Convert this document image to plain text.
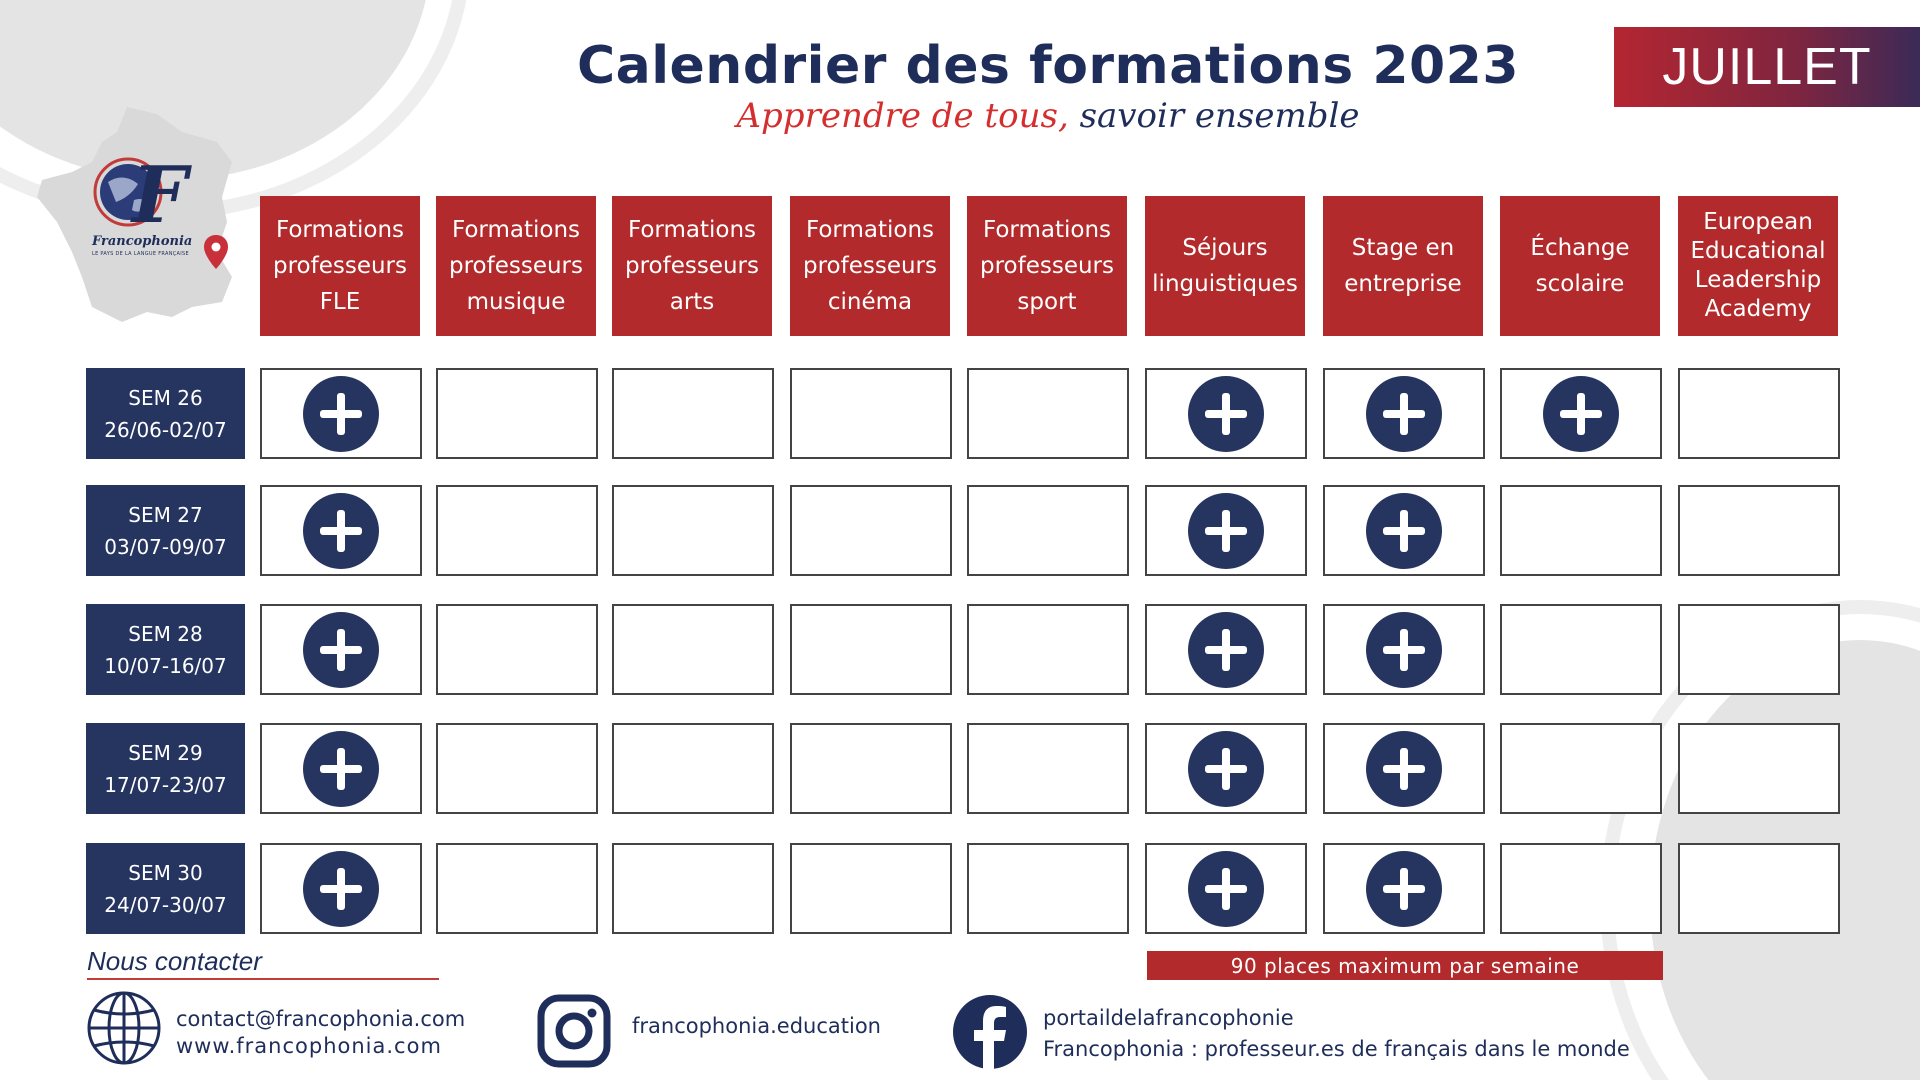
F
Francophonia
LE PAYS DE LA LANGUE FRANÇAISE
Calendrier des formations 2023
Apprendre de tous, savoir ensemble
JUILLET
Formations professeurs FLE
Formations professeurs musique
Formations professeurs arts
Formations professeurs cinéma
Formations professeurs sport
Séjours linguistiques
Stage en entreprise
Échange scolaire
European Educational Leadership Academy
SEM 26
26/06-02/07
SEM 27
03/07-09/07
SEM 28
10/07-16/07
SEM 29
17/07-23/07
SEM 30
24/07-30/07
90 places maximum par semaine
Nous contacter
contact@francophonia.com
www.francophonia.com
francophonia.education	portaildelafrancophonie
Francophonia : professeur.es de français dans le monde
